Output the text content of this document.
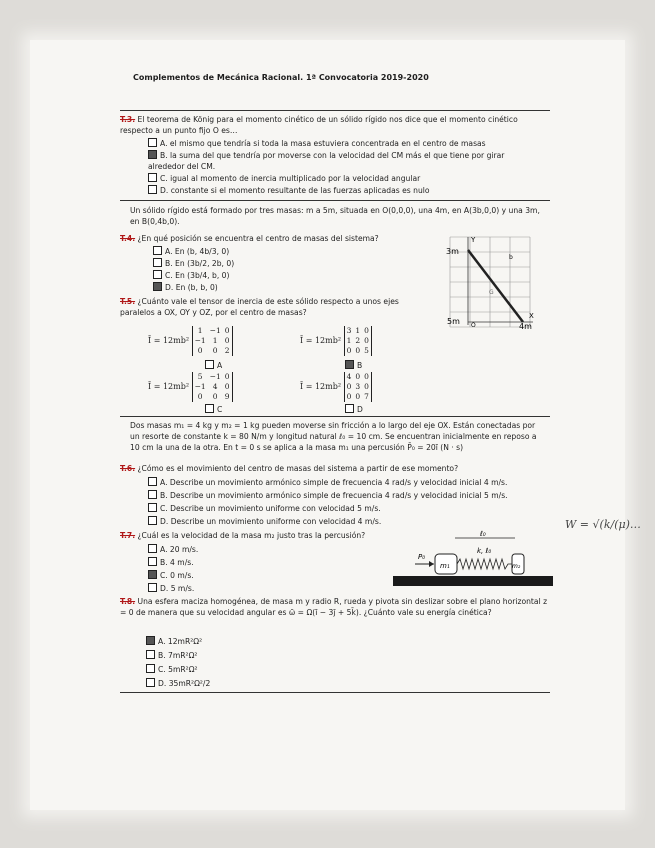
Complementos de Mecánica Racional. 1ª Convocatoria 2019-2020
T.3. El teorema de König para el momento cinético de un sólido rígido nos dice que el momento cinético respecto a un punto fijo O es…
A. el mismo que tendría si toda la masa estuviera concentrada en el centro de masas
B. la suma del que tendría por moverse con la velocidad del CM más el que tiene por girar alrededor del CM.
C. igual al momento de inercia multiplicado por la velocidad angular
D. constante si el momento resultante de las fuerzas aplicadas es nulo
Un sólido rígido está formado por tres masas: m a 5m, situada en O(0,0,0), una 4m, en A(3b,0,0) y una 3m, en B(0,4b,0).
T.4. ¿En qué posición se encuentra el centro de masas del sistema?
A. En (b, 4b/3, 0)
B. En (3b/2, 2b, 0)
C. En (3b/4, b, 0)
D. En (b, b, 0)
3m
5m
4m
O
Y
X
b
G
T.5. ¿Cuánto vale el tensor de inercia de este sólido respecto a unos ejes paralelos a OX, OY y OZ, por el centro de masas?
Ī = 12mb² 1	−1	0
−1	1	0
0	0	2
A
Ī = 12mb² 3	1	0
1	2	0
0	0	5
B
Ī = 12mb² 5	−1	0
−1	4	0
0	0	9
C
Ī = 12mb² 4	0	0
0	3	0
0	0	7
D
Dos masas m₁ = 4 kg y m₂ = 1 kg pueden moverse sin fricción a lo largo del eje OX. Están conectadas por un resorte de constante k = 80 N/m y longitud natural ℓ₀ = 10 cm. Se encuentran inicialmente en reposo a 10 cm la una de la otra. En t = 0 s se aplica a la masa m₁ una percusión P̄₀ = 20ī (N · s)
T.6. ¿Cómo es el movimiento del centro de masas del sistema a partir de ese momento?
A. Describe un movimiento armónico simple de frecuencia 4 rad/s y velocidad inicial 4 m/s.
B. Describe un movimiento armónico simple de frecuencia 4 rad/s y velocidad inicial 5 m/s.
C. Describe un movimiento uniforme con velocidad 5 m/s.
D. Describe un movimiento uniforme con velocidad 4 m/s.
T.7. ¿Cuál es la velocidad de la masa m₂ justo tras la percusión?
A. 20 m/s.
B. 4 m/s.
C. 0 m/s.
D. 5 m/s.
ℓ₀
m₁	m₂
k, ℓ₀
P₀
W = √(k/(μ)…
T.8. Una esfera maciza homogénea, de masa m y radio R, rueda y pivota sin deslizar sobre el plano horizontal z = 0 de manera que su velocidad angular es ω̄ = Ω(ī − 3j̄ + 5k̄). ¿Cuánto vale su energía cinética?
A. 12mR²Ω²
B. 7mR²Ω²
C. 5mR²Ω²
D. 35mR²Ω²/2
